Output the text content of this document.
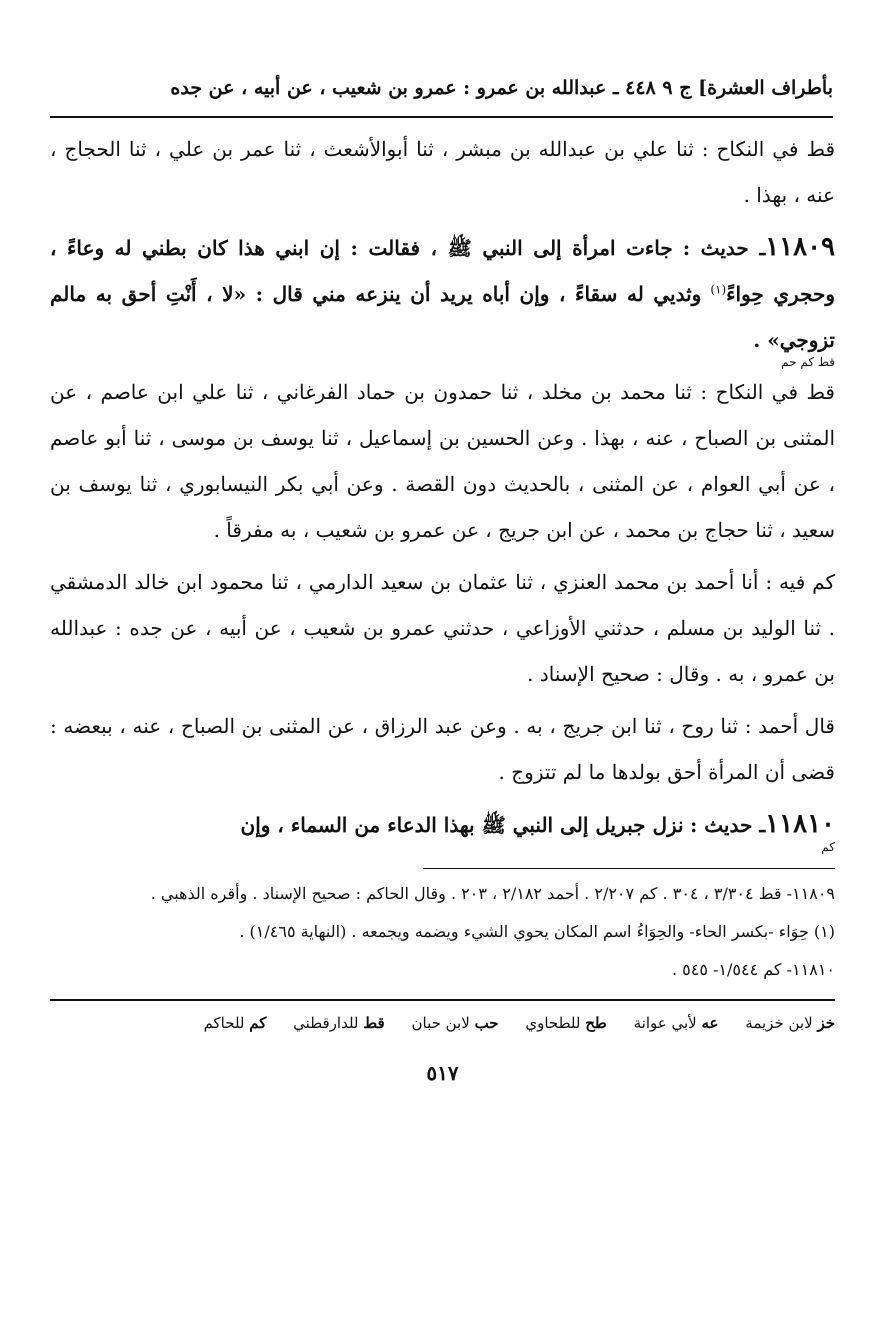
بأطراف العشرة] ج ٩ ٤٤٨ ـ عبدالله بن عمرو : عمرو بن شعيب ، عن أبيه ، عن جده

قط في النكاح : ثنا علي بن عبدالله بن مبشر ، ثنا أبوالأشعث ، ثنا عمر بن علي ، ثنا الحجاج ، عنه ، بهذا .

١١٨٠٩ـ حديث : جاءت امرأة إلى النبي ﷺ ، فقالت : إن ابني هذا كان بطني له وعاءً ، وحجري حِواءً$^{(١)}$ وثديي له سقاءً ، وإن أباه يريد أن ينزعه مني قال : «لا ، أَنْتِ أحق به مالم تزوجي» .
قط كم حم

قط في النكاح : ثنا محمد بن مخلد ، ثنا حمدون بن حماد الفرغاني ، ثنا علي ابن عاصم ، عن المثنى بن الصباح ، عنه ، بهذا . وعن الحسين بن إسماعيل ، ثنا يوسف بن موسى ، ثنا أبو عاصم ، عن أبي العوام ، عن المثنى ، بالحديث دون القصة . وعن أبي بكر النيسابوري ، ثنا يوسف بن سعيد ، ثنا حجاج بن محمد ، عن ابن جريج ، عن عمرو بن شعيب ، به مفرقاً .

كم فيه : أنا أحمد بن محمد العنزي ، ثنا عثمان بن سعيد الدارمي ، ثنا محمود ابن خالد الدمشقي . ثنا الوليد بن مسلم ، حدثني الأوزاعي ، حدثني عمرو بن شعيب ، عن أبيه ، عن جده : عبدالله بن عمرو ، به . وقال : صحيح الإسناد .

قال أحمد : ثنا روح ، ثنا ابن جريج ، به . وعن عبد الرزاق ، عن المثنى بن الصباح ، عنه ، ببعضه : قضى أن المرأة أحق بولدها ما لم تتزوج .

١١٨١٠ـ حديث : نزل جبريل إلى النبي ﷺ بهذا الدعاء من السماء ، وإن
كم

١١٨٠٩- قط ٣/٣٠٤ ، ٣٠٤ . كم ٢/٢٠٧ . أحمد ٢/١٨٢ ، ٢٠٣ . وقال الحاكم : صحيح الإسناد . وأقره الذهبي .

(١) حِوَاء -بكسر الحاء- والحِوَاءُ اسم المكان يحوي الشيء ويضمه ويجمعه . (النهاية ١/٤٦٥) .

١١٨١٠- كم ١/٥٤٤- ٥٤٥ .

خز لابن خزيمة عه لأبي عوانة طح للطحاوي حب لابن حبان قط للدارقطني كم للحاكم
٥١٧
